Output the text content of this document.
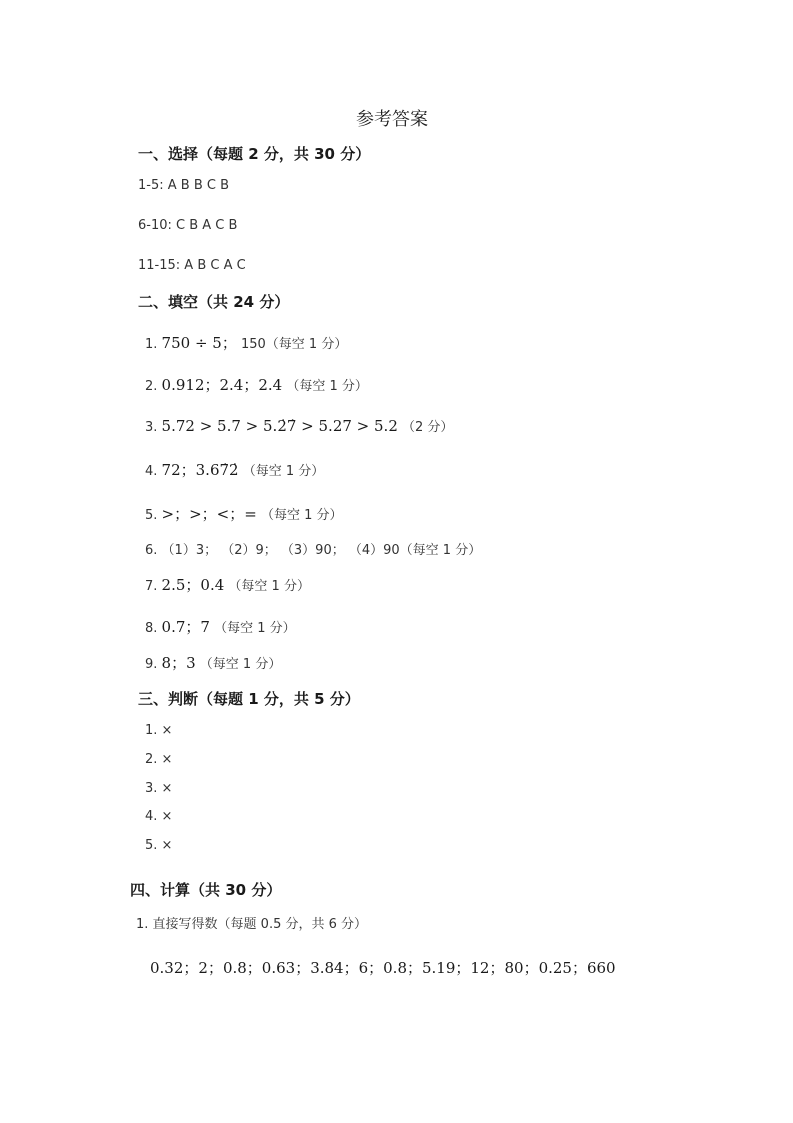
参考答案
一、选择（每题 2 分，共 30 分）
1-5: A B B C B
6-10: C B A C B
11-15: A B C A C
二、填空（共 24 分）
1. 750 ÷ 5； 150（每空 1 分）
2. 0.912；2.4；2.4 （每空 1 分）
3. 5.72 > 5.7 > 5.2̇7̇ > 5.27 > 5.2 （2 分）
4. 72；3.67̇2̇ （每空 1 分）
5. >；>；<；= （每空 1 分）
6. （1）3； （2）9； （3）90； （4）90（每空 1 分）
7. 2.5；0.4 （每空 1 分）
8. 0.7；7 （每空 1 分）
9. 8；3 （每空 1 分）
三、判断（每题 1 分，共 5 分）
1. ×
2. ×
3. ×
4. ×
5. ×
四、计算（共 30 分）
1. 直接写得数（每题 0.5 分，共 6 分）
0.32；2；0.8；0.63；3.84；6；0.8；5.19；12；80；0.25；660
